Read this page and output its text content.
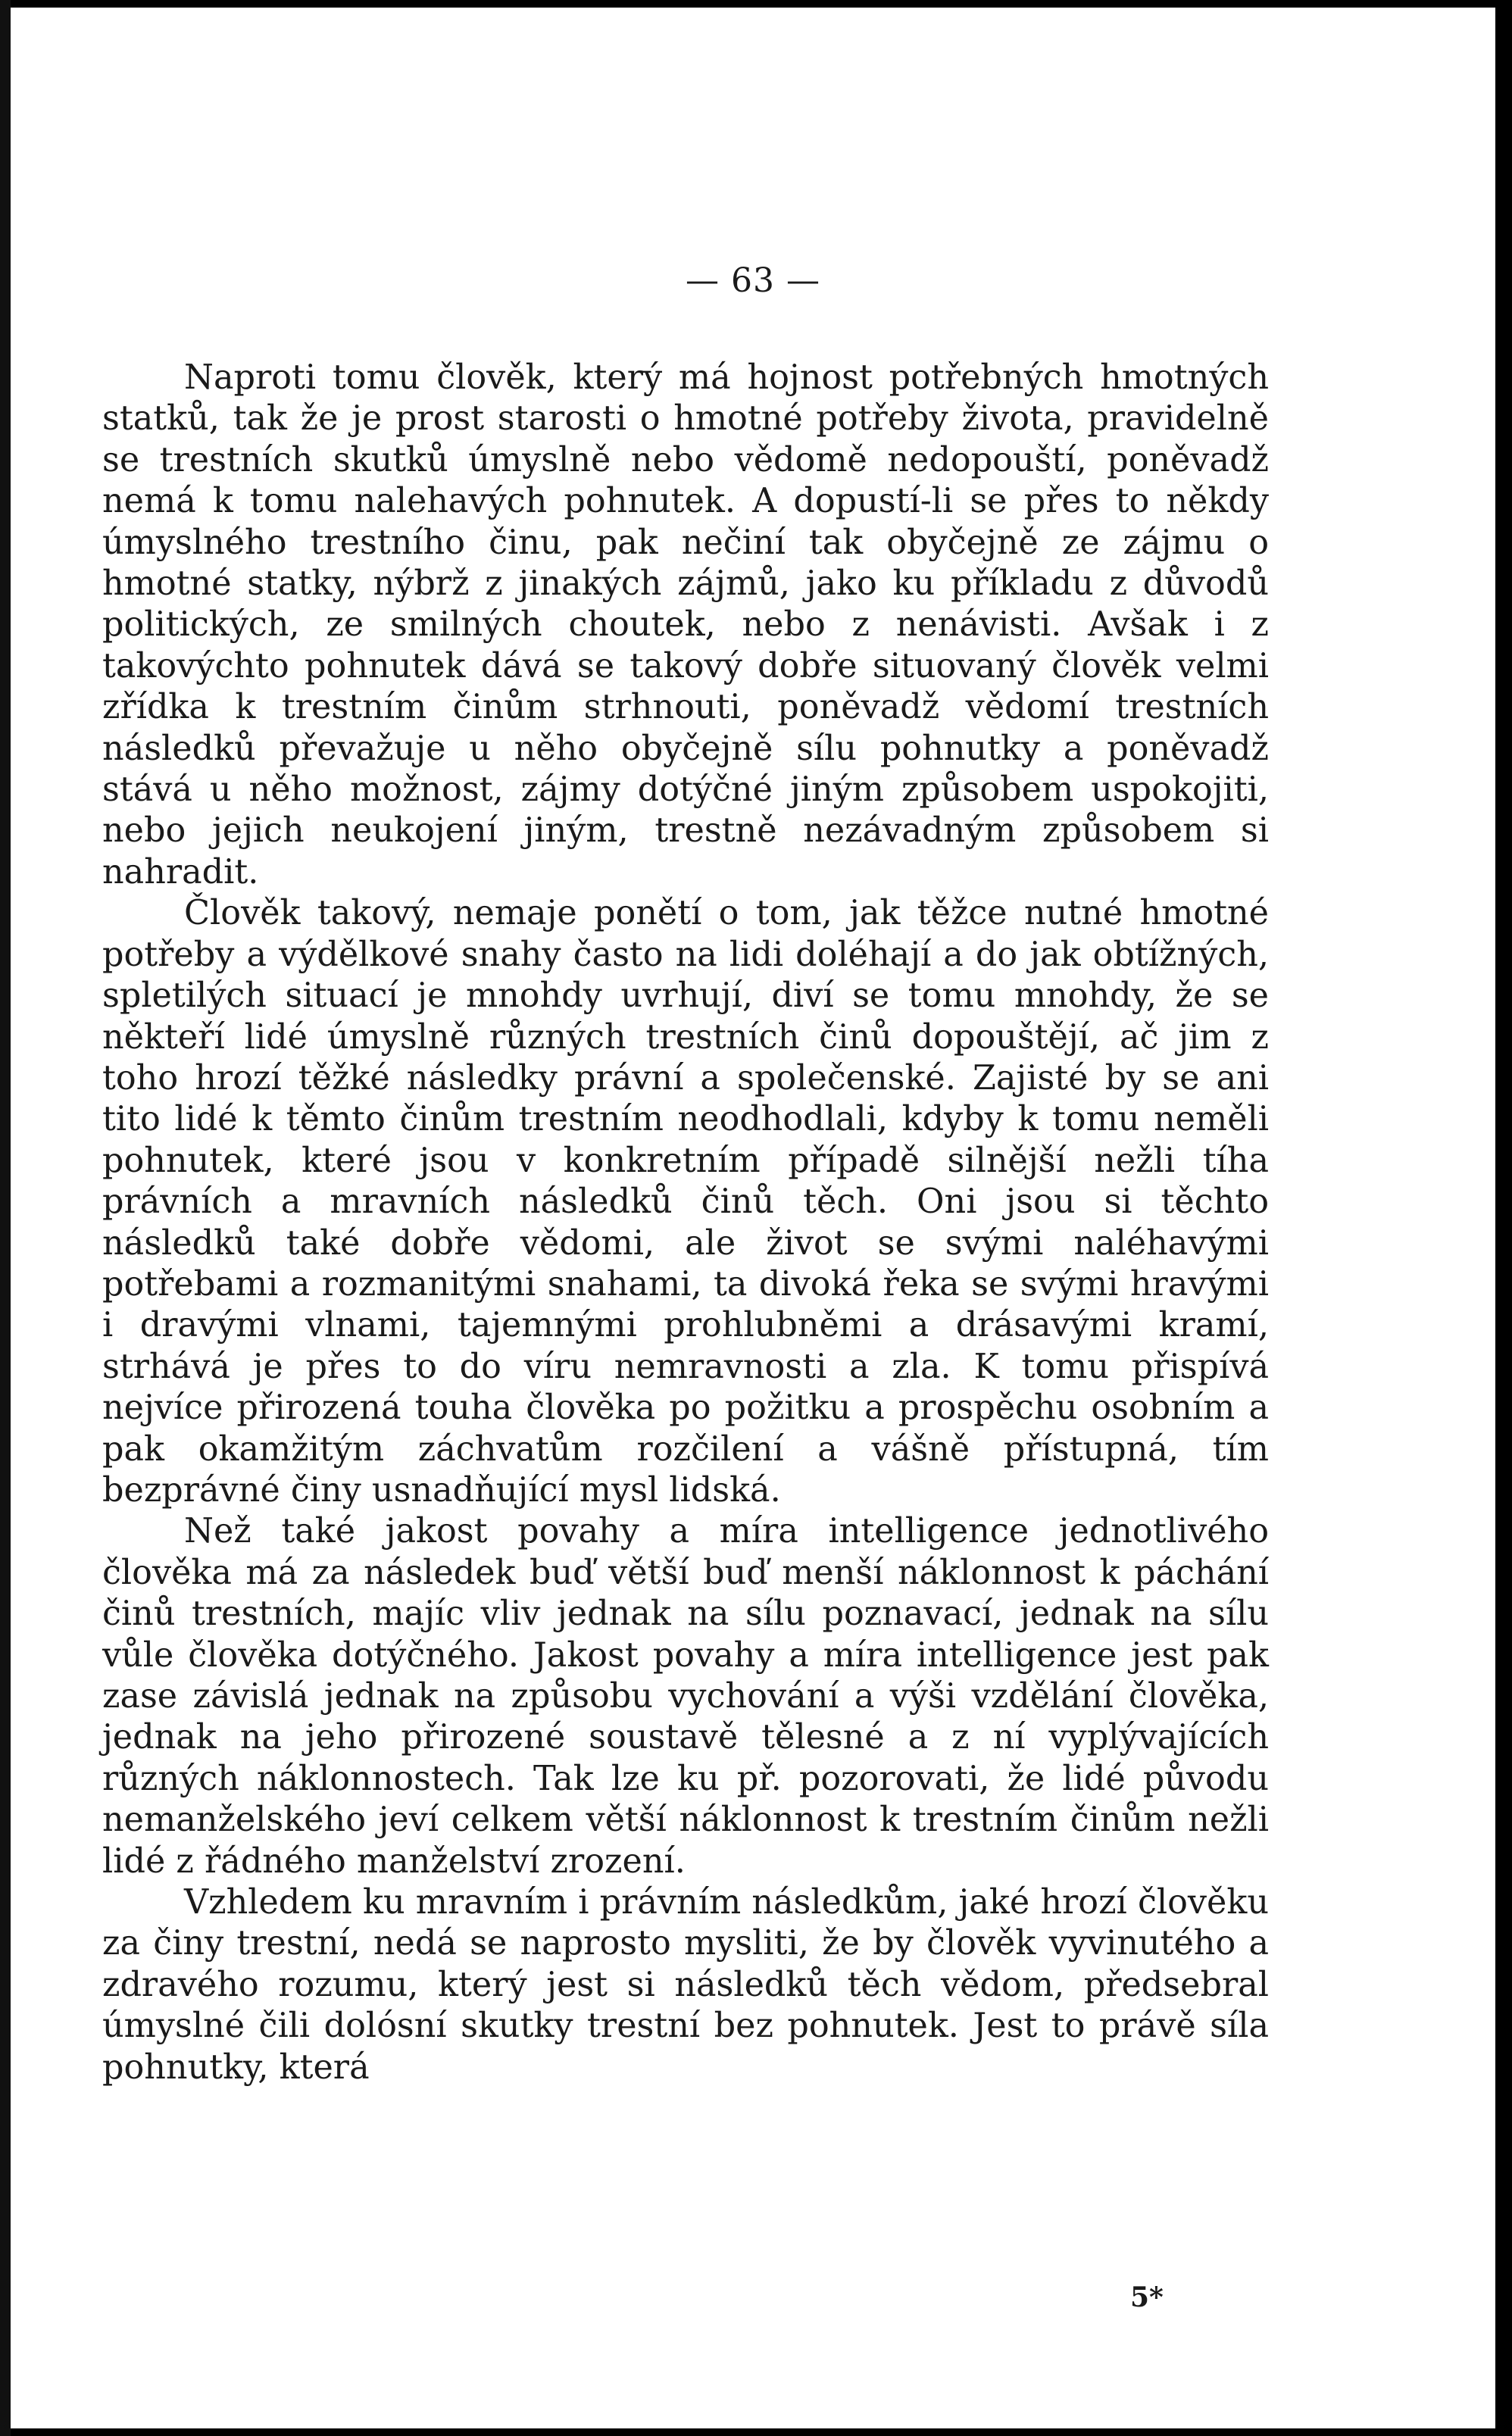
— 63 —

Naproti tomu člověk, který má hojnost potřebných hmotných statků, tak že je prost starosti o hmotné potřeby života, pravidelně se trestních skutků úmyslně nebo vědomě nedopouští, poněvadž nemá k tomu nalehavých pohnutek. A dopustí-li se přes to někdy úmyslného trestního činu, pak nečiní tak obyčejně ze zájmu o hmotné statky, nýbrž z jinakých zájmů, jako ku příkladu z důvodů politických, ze smilných choutek, nebo z nenávisti. Avšak i z takovýchto pohnutek dává se takový dobře situovaný člověk velmi zřídka k trestním činům strhnouti, poněvadž vědomí trestních následků převažuje u něho obyčejně sílu pohnutky a poněvadž stává u něho možnost, zájmy dotýčné jiným způsobem uspokojiti, nebo jejich neukojení jiným, trestně nezávadným způsobem si nahradit.

Člověk takový, nemaje ponětí o tom, jak těžce nutné hmotné potřeby a výdělkové snahy často na lidi doléhají a do jak obtížných, spletilých situací je mnohdy uvrhují, diví se tomu mnohdy, že se někteří lidé úmyslně různých trestních činů dopouštějí, ač jim z toho hrozí těžké následky právní a společenské. Zajisté by se ani tito lidé k těmto činům trestním neodhodlali, kdyby k tomu neměli pohnutek, které jsou v konkretním případě silnější nežli tíha právních a mravních následků činů těch. Oni jsou si těchto následků také dobře vědomi, ale život se svými naléhavými potřebami a rozmanitými snahami, ta divoká řeka se svými hravými i dravými vlnami, tajemnými prohlubněmi a drásavými kramí, strhává je přes to do víru nemravnosti a zla. K tomu přispívá nejvíce přirozená touha člověka po požitku a prospěchu osobním a pak okamžitým záchvatům rozčilení a vášně přístupná, tím bezprávné činy usnadňující mysl lidská.

Než také jakost povahy a míra intelligence jednotlivého člověka má za následek buď větší buď menší náklonnost k páchání činů trestních, majíc vliv jednak na sílu poznavací, jednak na sílu vůle člověka dotýčného. Jakost povahy a míra intelligence jest pak zase závislá jednak na způsobu vychování a výši vzdělání člověka, jednak na jeho přirozené soustavě tělesné a z ní vyplývajících různých náklonnostech. Tak lze ku př. pozorovati, že lidé původu nemanželského jeví celkem větší náklonnost k trestním činům nežli lidé z řádného manželství zrození.

Vzhledem ku mravním i právním následkům, jaké hrozí člověku za činy trestní, nedá se naprosto mysliti, že by člověk vyvinutého a zdravého rozumu, který jest si následků těch vědom, předsebral úmyslné čili dolósní skutky trestní bez pohnutek. Jest to právě síla pohnutky, která

5*
